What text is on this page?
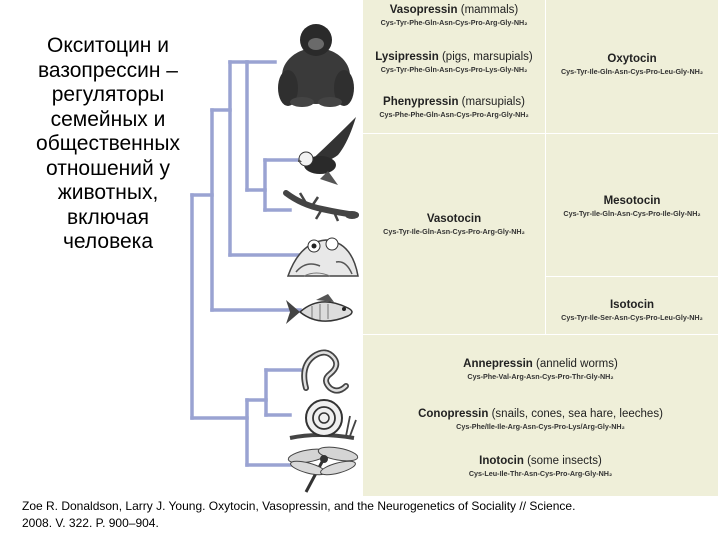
Окситоцин и
вазопрессин –
регуляторы
семейных и
общественных
отношений у
животных,
включая
человека
Vasopressin (mammals)
Cys-Tyr-Phe-Gln-Asn-Cys-Pro-Arg-Gly-NH₂
Lysipressin (pigs, marsupials)
Cys-Tyr-Phe-Gln-Asn-Cys-Pro-Lys-Gly-NH₂
Phenypressin (marsupials)
Cys-Phe-Phe-Gln-Asn-Cys-Pro-Arg-Gly-NH₂
Oxytocin
Cys-Tyr-Ile-Gln-Asn-Cys-Pro-Leu-Gly-NH₂
Vasotocin
Cys-Tyr-Ile-Gln-Asn-Cys-Pro-Arg-Gly-NH₂
Mesotocin
Cys-Tyr-Ile-Gln-Asn-Cys-Pro-Ile-Gly-NH₂
Isotocin
Cys-Tyr-Ile-Ser-Asn-Cys-Pro-Leu-Gly-NH₂
Annepressin (annelid worms)
Cys-Phe-Val-Arg-Asn-Cys-Pro-Thr-Gly-NH₂
Conopressin (snails, cones, sea hare, leeches)
Cys-Phe/Ile-Ile-Arg-Asn-Cys-Pro-Lys/Arg-Gly-NH₂
Inotocin (some insects)
Cys-Leu-Ile-Thr-Asn-Cys-Pro-Arg-Gly-NH₂
Zoe R. Donaldson, Larry J. Young. Oxytocin, Vasopressin, and the Neurogenetics of Sociality // Science.
2008. V. 322. P. 900–904.
